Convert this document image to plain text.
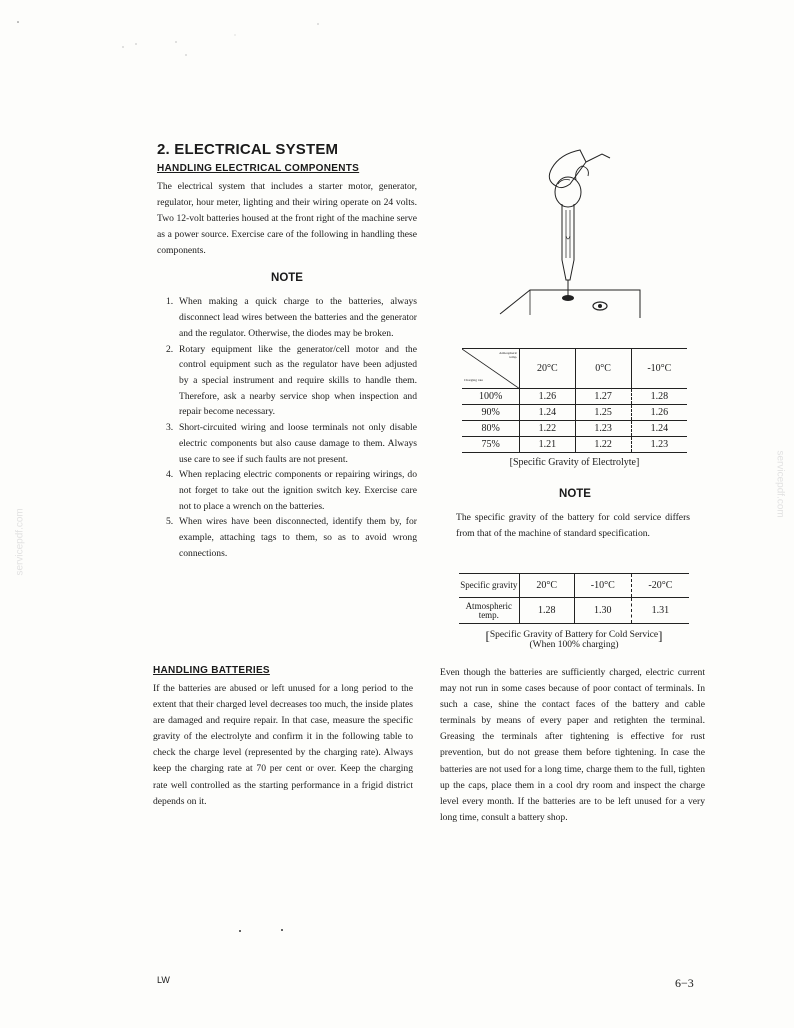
servicepdf.com
servicepdf.com
2. ELECTRICAL SYSTEM
HANDLING ELECTRICAL COMPONENTS

The electrical system that includes a starter motor, generator, regulator, hour meter, lighting and their wiring operate on 24 volts. Two 12-volt batteries housed at the front right of the machine serve as a power source. Exercise care of the following in handling these components.

NOTE

1. When making a quick charge to the batteries, always disconnect lead wires between the batteries and the generator and the regulator. Otherwise, the diodes may be broken.
2. Rotary equipment like the generator/cell motor and the control equipment such as the regulator have been adjusted by a special instrument and require skills to handle them. Therefore, ask a nearby service shop when inspection and repair become necessary.
3. Short-circuited wiring and loose terminals not only disable electric components but also cause damage to them. Always use care to see if such faults are not present.
4. When replacing electric components or repairing wirings, do not forget to take out the ignition switch key. Exercise care not to place a wrench on the batteries.
5. When wires have been disconnected, identify them by, for example, attaching tags to them, so as to avoid wrong connections.
HANDLING BATTERIES

If the batteries are abused or left unused for a long period to the extent that their charged level decreases too much, the inside plates are damaged and require repair. In that case, measure the specific gravity of the electrolyte and confirm it in the following table to check the charge level (represented by the charging rate). Always keep the charging rate at 70 per cent or over. Keep the charging rate well controlled as the starting performance in a frigid district depends on it.

Atmospheric temp.
Charging rate	20°C	0°C	-10°C
100%	1.26	1.27	1.28
90%	1.24	1.25	1.26
80%	1.22	1.23	1.24
75%	1.21	1.22	1.23

[Specific Gravity of Electrolyte]

NOTE

The specific gravity of the battery for cold service differs from that of the machine of standard specification.

Specific gravity	20°C	-10°C	-20°C
Atmospheric temp.	1.28	1.30	1.31

[Specific Gravity of Battery for Cold Service]

(When 100% charging)

Even though the batteries are sufficiently charged, electric current may not run in some cases because of poor contact of terminals. In such a case, shine the contact faces of the battery and cable terminals by means of every paper and retighten the terminal. Greasing the terminals after tightening is effective for rust prevention, but do not grease them before tightening. In case the batteries are not used for a long time, charge them to the full, tighten up the caps, place them in a cool dry room and inspect the charge level every month. If the batteries are to be left unused for a very long time, consult a battery shop.

LW	6−3
